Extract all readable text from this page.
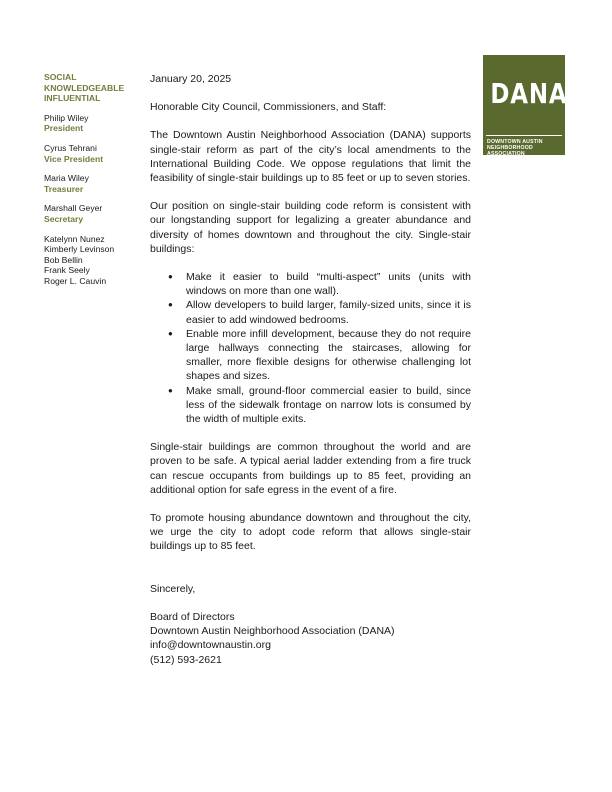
SOCIAL
KNOWLEDGEABLE
INFLUENTIAL
Philip Wiley
President
Cyrus Tehrani
Vice President
Maria Wiley
Treasurer
Marshall Geyer
Secretary
Katelynn Nunez
Kimberly Levinson
Bob Bellin
Frank Seely
Roger L. Cauvin
DANA
DOWNTOWN AUSTIN
NEIGHBORHOOD ASSOCIATION

January 20, 2025

Honorable City Council, Commissioners, and Staff:

The Downtown Austin Neighborhood Association (DANA) supports single-stair reform as part of the city’s local amendments to the International Building Code. We oppose regulations that limit the feasibility of single-stair buildings up to 85 feet or up to seven stories.

Our position on single-stair building code reform is consistent with our longstanding support for legalizing a greater abundance and diversity of homes downtown and throughout the city. Single-stair buildings:

● Make it easier to build “multi-aspect” units (units with windows on more than one wall).
● Allow developers to build larger, family-sized units, since it is easier to add windowed bedrooms.
● Enable more infill development, because they do not require large hallways connecting the staircases, allowing for smaller, more flexible designs for otherwise challenging lot shapes and sizes.
● Make small, ground-floor commercial easier to build, since less of the sidewalk frontage on narrow lots is consumed by the width of multiple exits.

Single-stair buildings are common throughout the world and are proven to be safe. A typical aerial ladder extending from a fire truck can rescue occupants from buildings up to 85 feet, providing an additional option for safe egress in the event of a fire.

To promote housing abundance downtown and throughout the city, we urge the city to adopt code reform that allows single-stair buildings up to 85 feet.

Sincerely,

Board of Directors
Downtown Austin Neighborhood Association (DANA)
info@downtownaustin.org
(512) 593-2621
